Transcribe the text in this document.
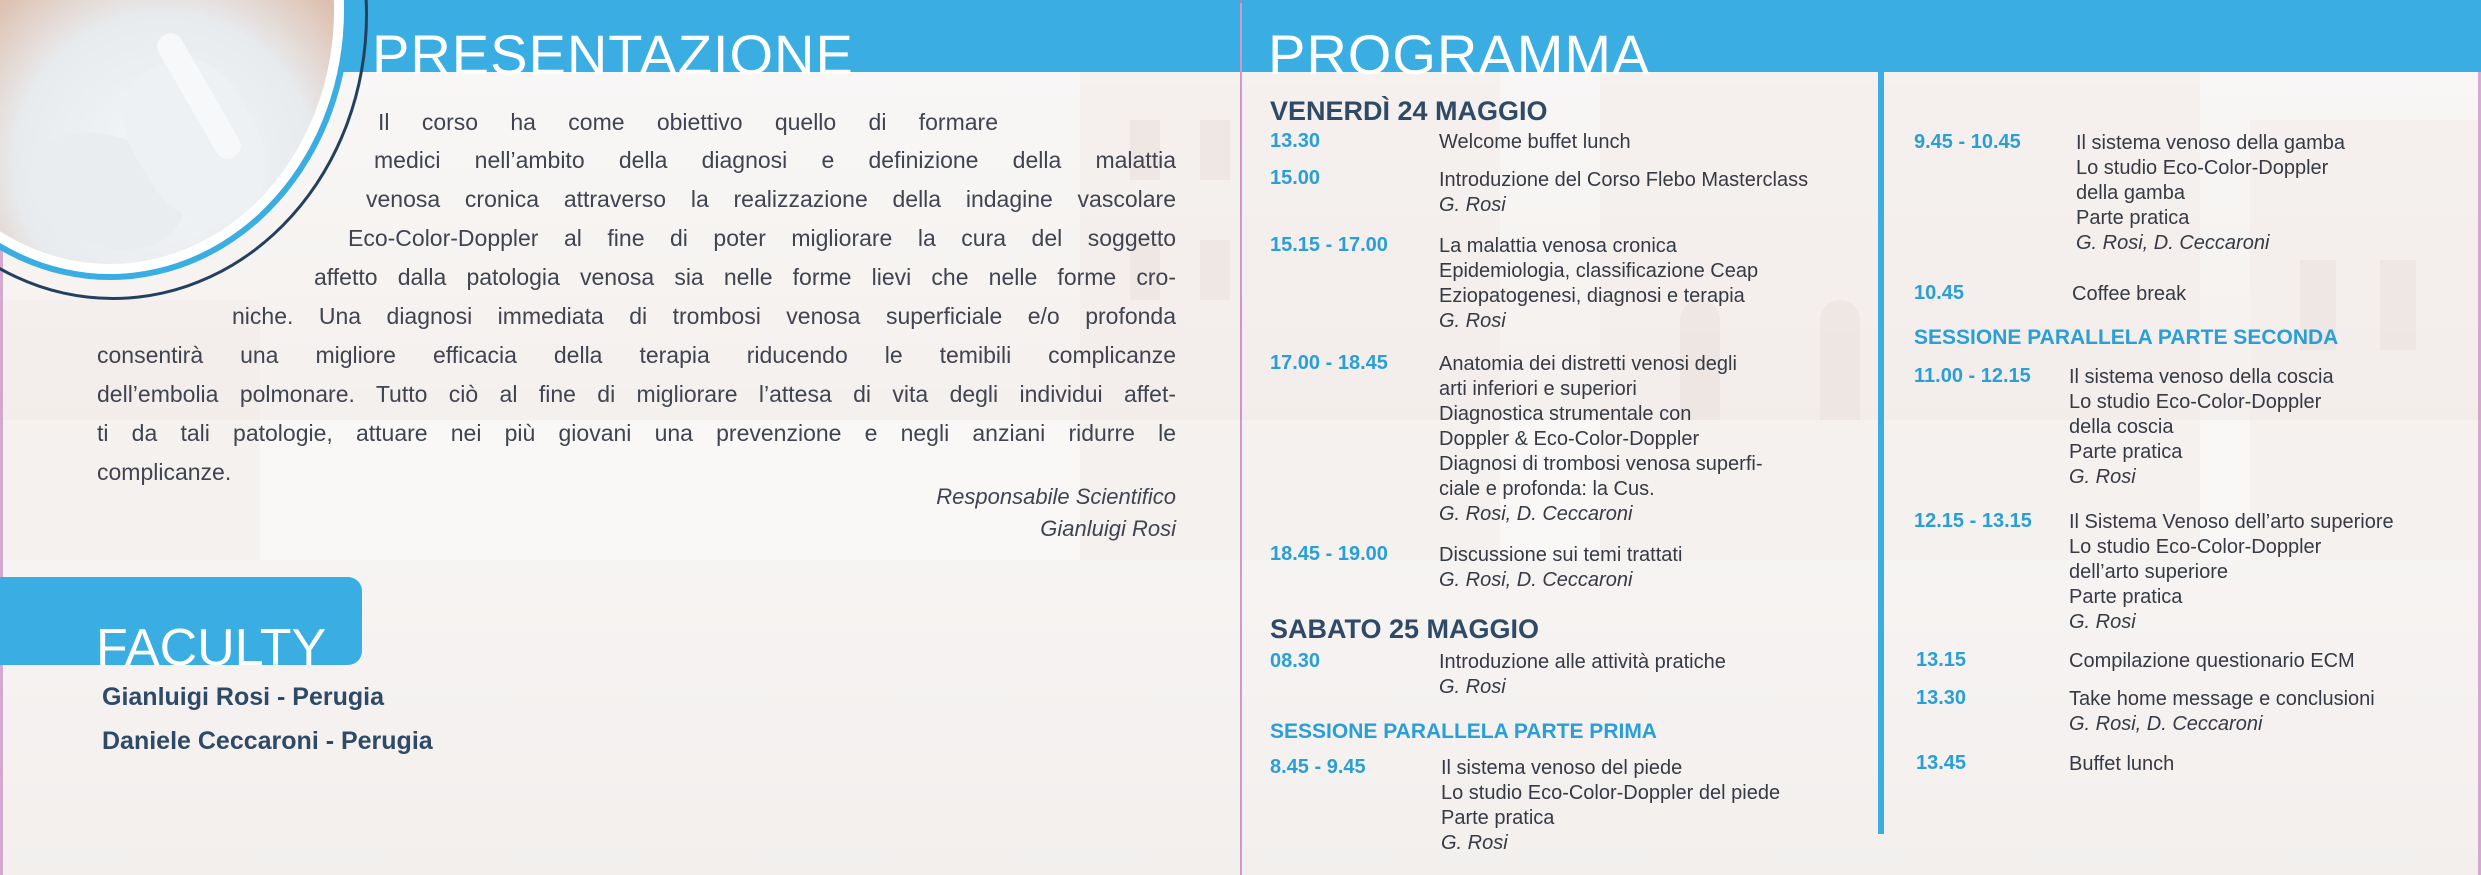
PRESENTAZIONE	PROGRAMMA
Il corso ha come obiettivo quello di formare
medici nell’ambito della diagnosi e definizione della malattia
venosa cronica attraverso la realizzazione della indagine vascolare
Eco-Color-Doppler al fine di poter migliorare la cura del soggetto
affetto dalla patologia venosa sia nelle forme lievi che nelle forme cro-
niche. Una diagnosi immediata di trombosi venosa superficiale e/o profonda
consentirà una migliore efficacia della terapia riducendo le temibili complicanze
dell’embolia polmonare. Tutto ciò al fine di migliorare l’attesa di vita degli individui affet-
ti da tali patologie, attuare nei più giovani una prevenzione e negli anziani ridurre le
complicanze.
Responsabile Scientifico
Gianluigi Rosi
FACULTY
Gianluigi Rosi - Perugia
Daniele Ceccaroni - Perugia
VENERDÌ 24 MAGGIO
13.30	Welcome buffet lunch
15.00	Introduzione del Corso Flebo Masterclass
G. Rosi
15.15 - 17.00	La malattia venosa cronica
Epidemiologia, classificazione Ceap
Eziopatogenesi, diagnosi e terapia
G. Rosi
17.00 - 18.45	Anatomia dei distretti venosi degli
arti inferiori e superiori
Diagnostica strumentale con
Doppler & Eco-Color-Doppler
Diagnosi di trombosi venosa superfi-
ciale e profonda: la Cus.
G. Rosi, D. Ceccaroni
18.45 - 19.00	Discussione sui temi trattati
G. Rosi, D. Ceccaroni
SABATO 25 MAGGIO
08.30	Introduzione alle attività pratiche
G. Rosi
SESSIONE PARALLELA PARTE PRIMA
8.45 - 9.45	Il sistema venoso del piede
Lo studio Eco-Color-Doppler del piede
Parte pratica
G. Rosi
9.45 - 10.45	Il sistema venoso della gamba
Lo studio Eco-Color-Doppler
della gamba
Parte pratica
G. Rosi, D. Ceccaroni
10.45	Coffee break
SESSIONE PARALLELA PARTE SECONDA
11.00 - 12.15 Il sistema venoso della coscia
Lo studio Eco-Color-Doppler
della coscia
Parte pratica
G. Rosi
12.15 - 13.15 Il Sistema Venoso dell’arto superiore
Lo studio Eco-Color-Doppler
dell’arto superiore
Parte pratica
G. Rosi
13.15	Compilazione questionario ECM
13.30	Take home message e conclusioni
G. Rosi, D. Ceccaroni
13.45	Buffet lunch
